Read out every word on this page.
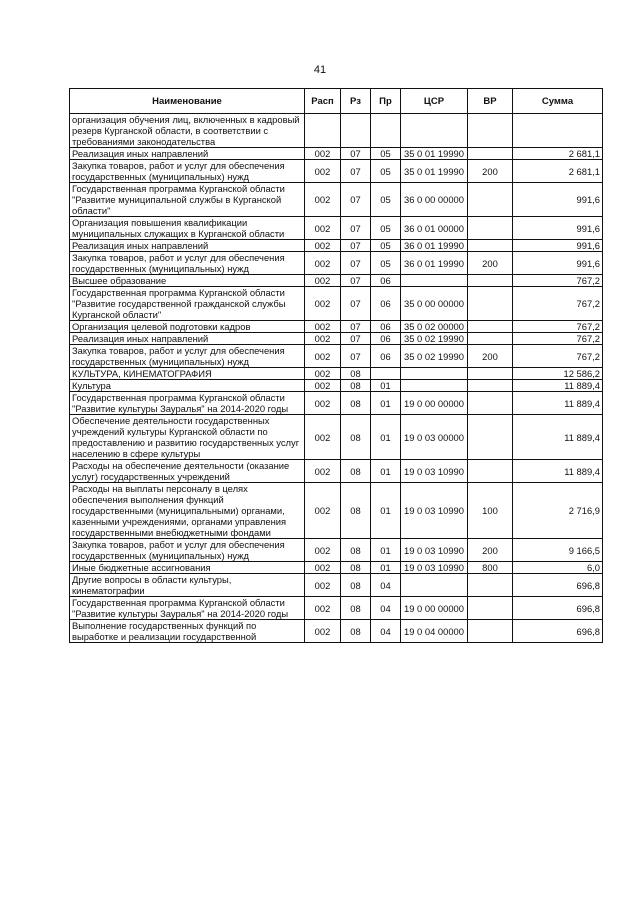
41
Наименование	Расп	Рз	Пр	ЦСР	ВР	Сумма
организация обучения лиц, включенных в кадровый резерв Курганской области, в соответствии с требованиями законодательства						
Реализация иных направлений	002	07	05	35 0 01 19990		2 681,1
Закупка товаров, работ и услуг для обеспечения государственных (муниципальных) нужд	002	07	05	35 0 01 19990	200	2 681,1
Государственная программа Курганской области "Развитие муниципальной службы в Курганской области"	002	07	05	36 0 00 00000		991,6
Организация повышения квалификации муниципальных служащих в Курганской области	002	07	05	36 0 01 00000		991,6
Реализация иных направлений	002	07	05	36 0 01 19990		991,6
Закупка товаров, работ и услуг для обеспечения государственных (муниципальных) нужд	002	07	05	36 0 01 19990	200	991,6
Высшее образование	002	07	06			767,2
Государственная программа Курганской области "Развитие государственной гражданской службы Курганской области"	002	07	06	35 0 00 00000		767,2
Организация целевой подготовки кадров	002	07	06	35 0 02 00000		767,2
Реализация иных направлений	002	07	06	35 0 02 19990		767,2
Закупка товаров, работ и услуг для обеспечения государственных (муниципальных) нужд	002	07	06	35 0 02 19990	200	767,2
КУЛЬТУРА, КИНЕМАТОГРАФИЯ	002	08				12 586,2
Культура	002	08	01			11 889,4
Государственная программа Курганской области "Развитие культуры Зауралья" на 2014-2020 годы	002	08	01	19 0 00 00000		11 889,4
Обеспечение деятельности государственных учреждений культуры Курганской области по предоставлению и развитию государственных услуг населению в сфере культуры	002	08	01	19 0 03 00000		11 889,4
Расходы на обеспечение деятельности (оказание услуг) государственных учреждений	002	08	01	19 0 03 10990		11 889,4
Расходы на выплаты персоналу в целях обеспечения выполнения функций государственными (муниципальными) органами, казенными учреждениями, органами управления государственными внебюджетными фондами	002	08	01	19 0 03 10990	100	2 716,9
Закупка товаров, работ и услуг для обеспечения государственных (муниципальных) нужд	002	08	01	19 0 03 10990	200	9 166,5
Иные бюджетные ассигнования	002	08	01	19 0 03 10990	800	6,0
Другие вопросы в области культуры, кинематографии	002	08	04			696,8
Государственная программа Курганской области "Развитие культуры Зауралья" на 2014-2020 годы	002	08	04	19 0 00 00000		696,8
Выполнение государственных функций по выработке и реализации государственной	002	08	04	19 0 04 00000		696,8
